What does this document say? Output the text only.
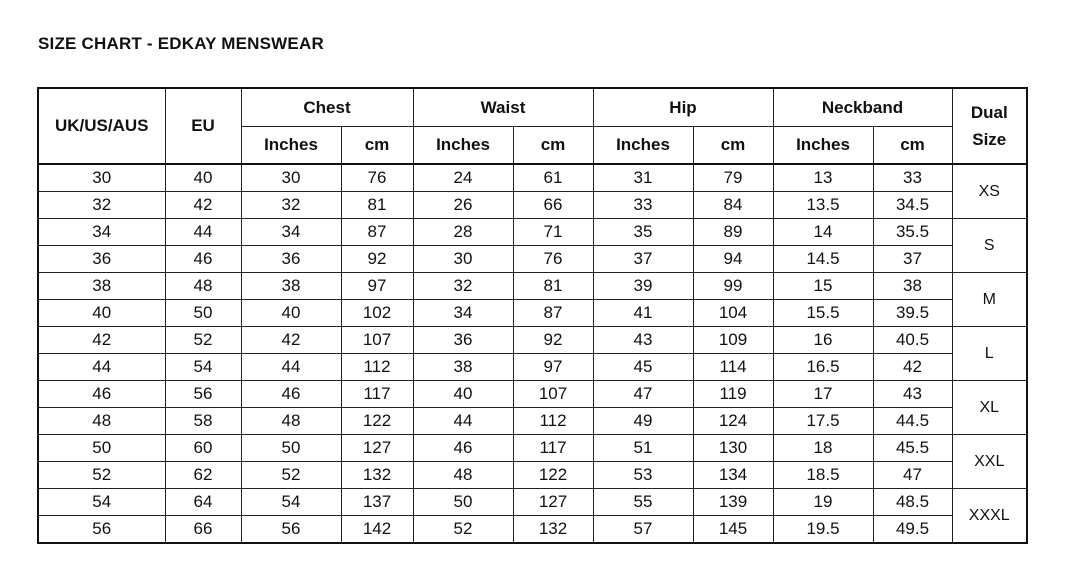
SIZE CHART - EDKAY MENSWEAR
UK/US/AUS	EU	Chest		Waist		Hip		Neckband		Dual
Size

		Inches	cm	Inches	cm	Inches	cm	Inches	cm	
30	40	30	76	24	61	31	79	13	33	XS
32	42	32	81	26	66	33	84	13.5	34.5	
34	44	34	87	28	71	35	89	14	35.5	S
36	46	36	92	30	76	37	94	14.5	37	
38	48	38	97	32	81	39	99	15	38	M
40	50	40	102	34	87	41	104	15.5	39.5	
42	52	42	107	36	92	43	109	16	40.5	L
44	54	44	112	38	97	45	114	16.5	42	
46	56	46	117	40	107	47	119	17	43	XL
48	58	48	122	44	112	49	124	17.5	44.5	
50	60	50	127	46	117	51	130	18	45.5	XXL
52	62	52	132	48	122	53	134	18.5	47	
54	64	54	137	50	127	55	139	19	48.5	XXXL
56	66	56	142	52	132	57	145	19.5	49.5	
